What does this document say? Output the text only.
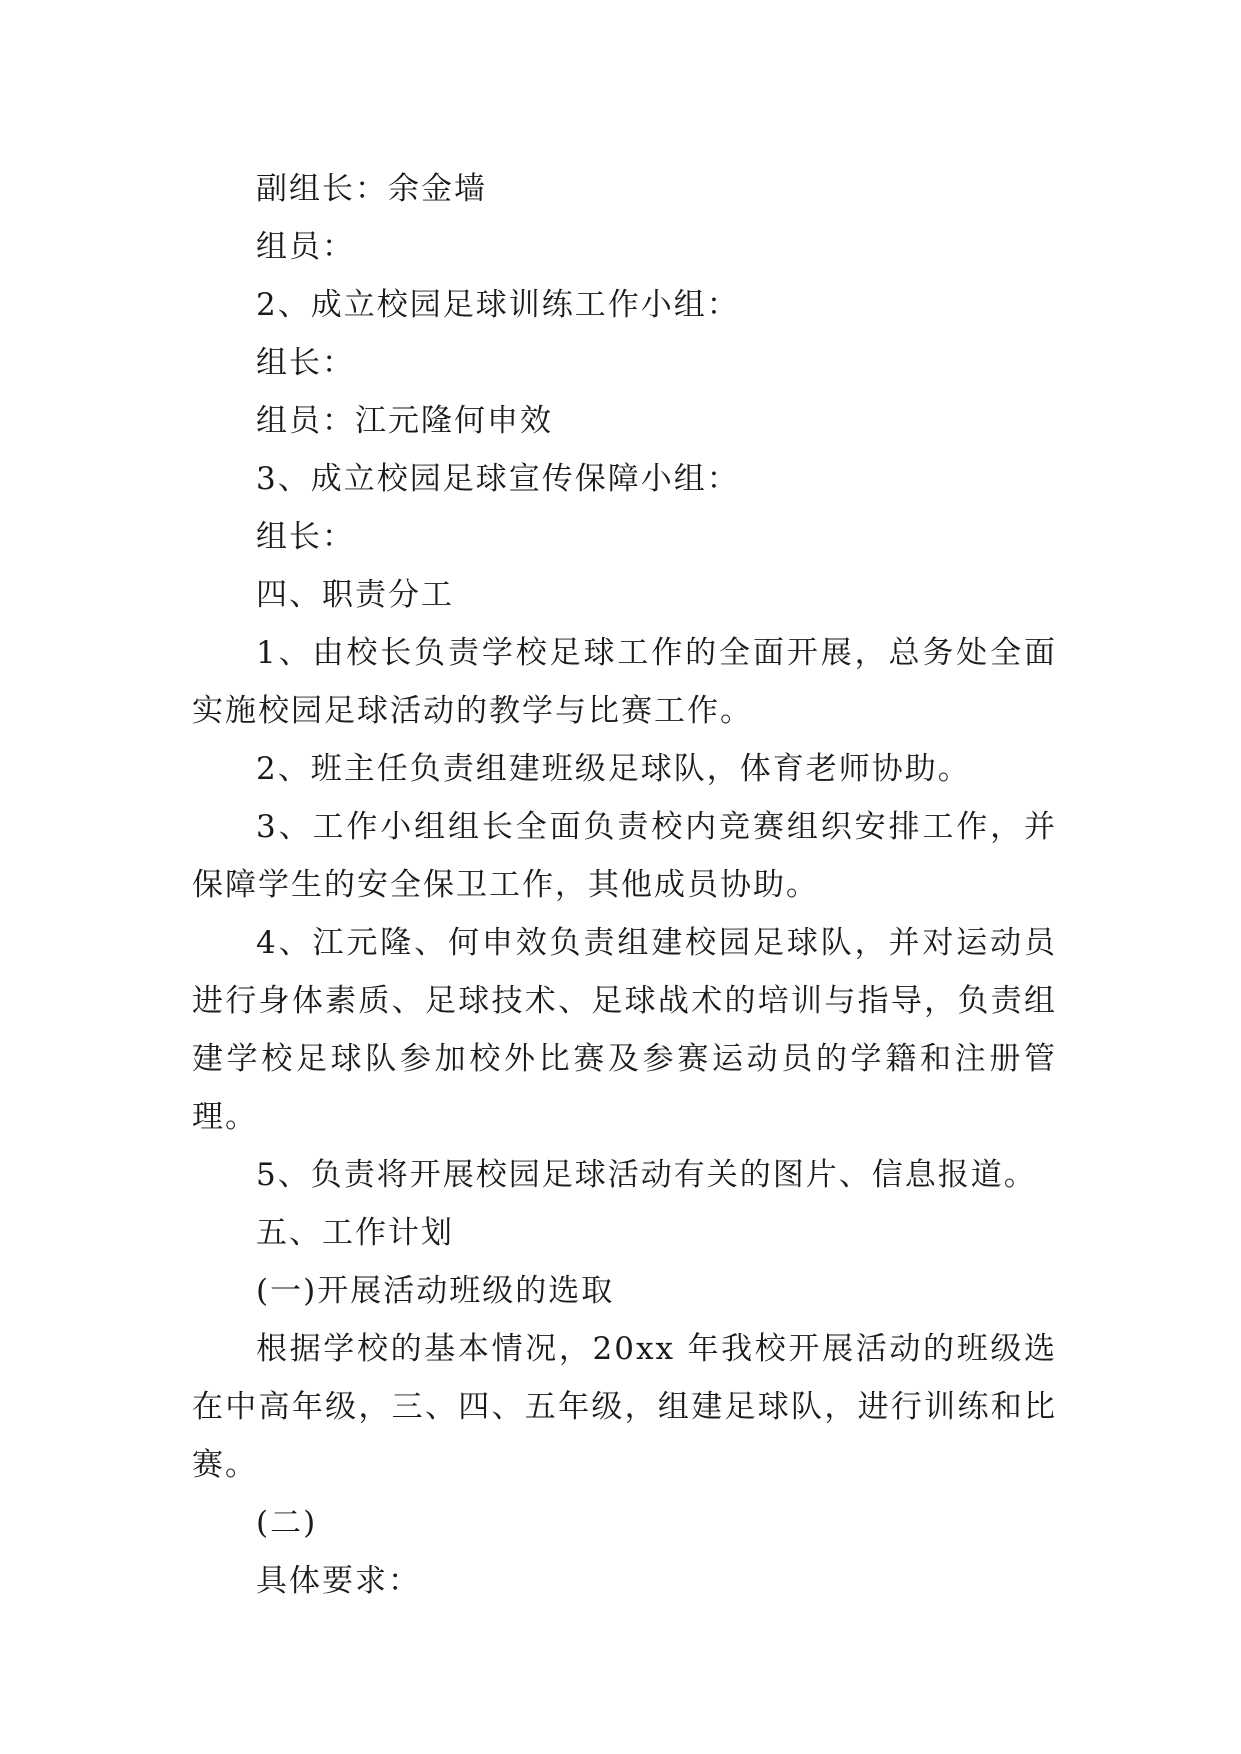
副组长：余金墙

组员：

2、成立校园足球训练工作小组：

组长：

组员：江元隆何申效

3、成立校园足球宣传保障小组：

组长：

四、职责分工

1、由校长负责学校足球工作的全面开展，总务处全面实施校园足球活动的教学与比赛工作。

2、班主任负责组建班级足球队，体育老师协助。

3、工作小组组长全面负责校内竞赛组织安排工作，并保障学生的安全保卫工作，其他成员协助。

4、江元隆、何申效负责组建校园足球队，并对运动员进行身体素质、足球技术、足球战术的培训与指导，负责组建学校足球队参加校外比赛及参赛运动员的学籍和注册管理。

5、负责将开展校园足球活动有关的图片、信息报道。

五、工作计划

(一)开展活动班级的选取

根据学校的基本情况，20xx 年我校开展活动的班级选在中高年级，三、四、五年级，组建足球队，进行训练和比赛。

(二)

具体要求：
